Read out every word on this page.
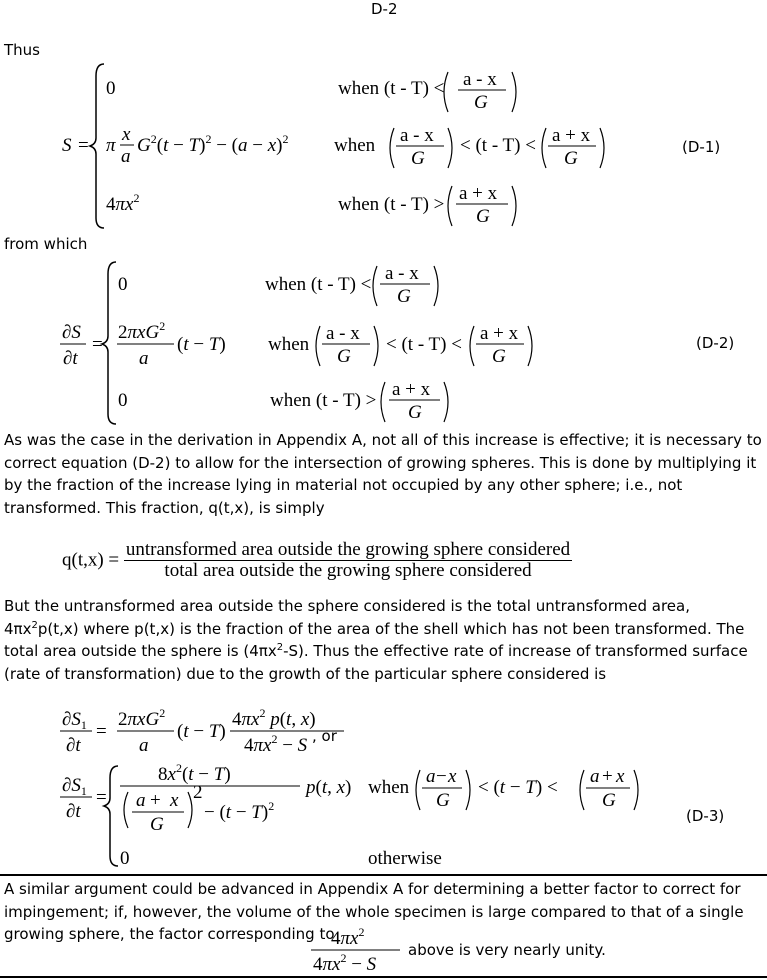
D-2
Thus
S =
0	when (t - T) < a - x
G
π
x
a
$G^2(t - T)^2 - (a - x)^2$ when a - x
G
< (t - T) < a + x
G
$4\pi x^2$	when (t - T) >
a + x
G
(D-1)
from which
∂S
∂t
=
0	when (t - T) <
a - x
G
2πxG$^2$
a
(t − T) when
a - x
G
< (t - T) <
a + x
G
0	when (t - T) >
a + x
G
(D-2)
As was the case in the derivation in Appendix A, not all of this increase is effective; it is necessary to correct equation (D-2) to allow for the intersection of growing spheres. This is done by multiplying it by the fraction of the increase lying in material not occupied by any other sphere; i.e., not transformed. This fraction, q(t,x), is simply
$q(t,x) = \frac{\text{untransformed area outside the growing sphere considered}}{\text{total area outside the growing sphere considered}}$
But the untransformed area outside the sphere considered is the total untransformed area, $4\pi x^2p(t,x)$ where p(t,x) is the fraction of the area of the shell which has not been transformed. The total area outside the sphere is $(4\pi x^2-S)$. Thus the effective rate of increase of transformed surface (rate of transformation) due to the growth of the particular sphere considered is
$\partial S_1$
∂t
=
2πxG$^2$
a
(t − T)
$4\pi x^2$ p(t, x)
$4\pi x^2 - S$
$\partial S_1$
∂t
=
$8x^2(t - T)$
a + x
G
2
− $(t - T)^2$
p(t, x) when
a − x
G
< (t − T) <
a + x
G
0
$4\pi x^2$
$4\pi x^2 - S$
, or
otherwise
(D-3)
A similar argument could be advanced in Appendix A for determining a better factor to correct for impingement; if, however, the volume of the whole specimen is large compared to that of a single growing sphere, the factor corresponding to
above is very nearly unity.
